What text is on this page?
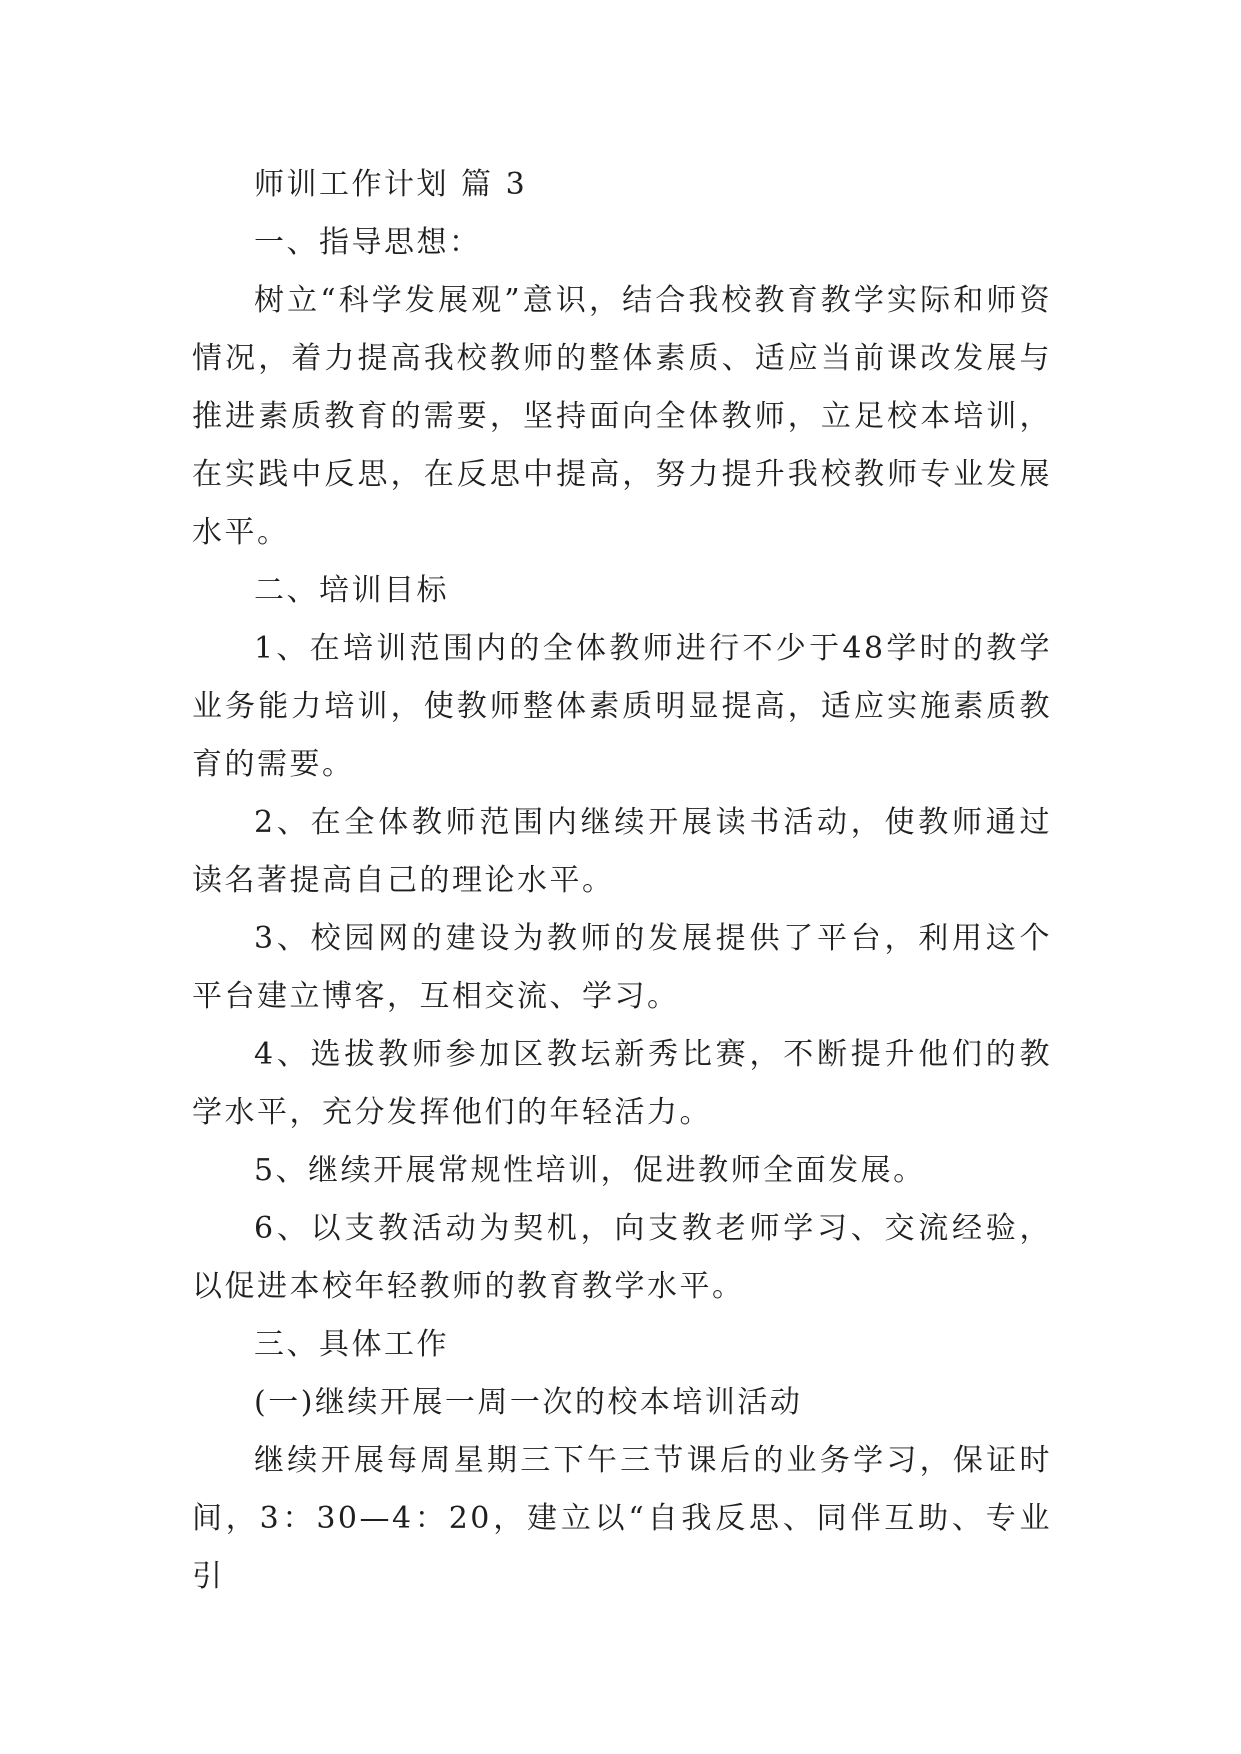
师训工作计划 篇 3
一、指导思想：
树立“科学发展观”意识，结合我校教育教学实际和师资情况，着力提高我校教师的整体素质、适应当前课改发展与推进素质教育的需要，坚持面向全体教师，立足校本培训，在实践中反思，在反思中提高，努力提升我校教师专业发展水平。
二、培训目标
1、在培训范围内的全体教师进行不少于48学时的教学业务能力培训，使教师整体素质明显提高，适应实施素质教育的需要。
2、在全体教师范围内继续开展读书活动，使教师通过读名著提高自己的理论水平。
3、校园网的建设为教师的发展提供了平台，利用这个平台建立博客，互相交流、学习。
4、选拔教师参加区教坛新秀比赛，不断提升他们的教学水平，充分发挥他们的年轻活力。
5、继续开展常规性培训，促进教师全面发展。
6、以支教活动为契机，向支教老师学习、交流经验，以促进本校年轻教师的教育教学水平。
三、具体工作
(一)继续开展一周一次的校本培训活动
继续开展每周星期三下午三节课后的业务学习，保证时间，3：30—4：20，建立以“自我反思、同伴互助、专业引
